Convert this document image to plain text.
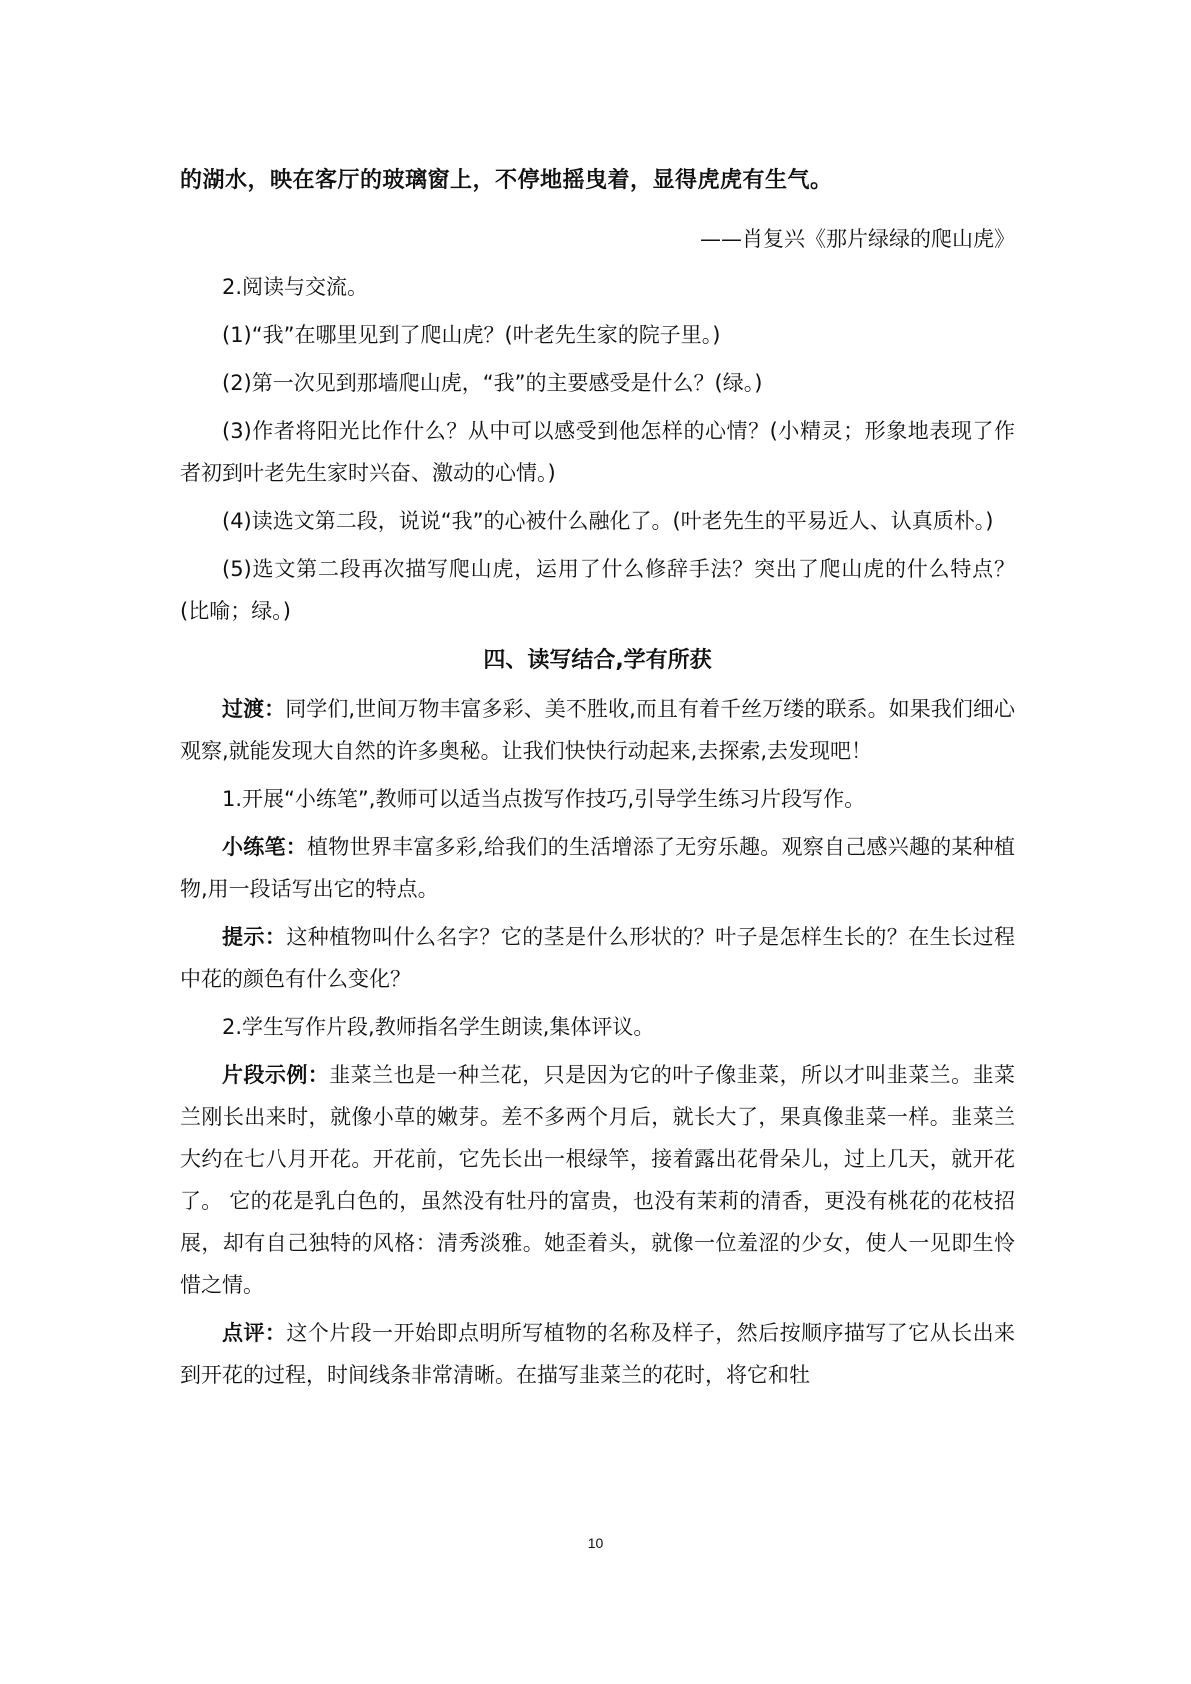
的湖水，映在客厅的玻璃窗上，不停地摇曳着，显得虎虎有生气。
——肖复兴《那片绿绿的爬山虎》

2.阅读与交流。

(1)“我”在哪里见到了爬山虎？(叶老先生家的院子里。)

(2)第一次见到那墙爬山虎，“我”的主要感受是什么？(绿。)

(3)作者将阳光比作什么？从中可以感受到他怎样的心情？(小精灵；形象地表现了作者初到叶老先生家时兴奋、激动的心情。)

(4)读选文第二段，说说“我”的心被什么融化了。(叶老先生的平易近人、认真质朴。)

(5)选文第二段再次描写爬山虎，运用了什么修辞手法？突出了爬山虎的什么特点？(比喻；绿。)

四、读写结合,学有所获

过渡：同学们,世间万物丰富多彩、美不胜收,而且有着千丝万缕的联系。如果我们细心观察,就能发现大自然的许多奥秘。让我们快快行动起来,去探索,去发现吧！

1.开展“小练笔”,教师可以适当点拨写作技巧,引导学生练习片段写作。

小练笔：植物世界丰富多彩,给我们的生活增添了无穷乐趣。观察自己感兴趣的某种植物,用一段话写出它的特点。

提示：这种植物叫什么名字？它的茎是什么形状的？叶子是怎样生长的？在生长过程中花的颜色有什么变化？

2.学生写作片段,教师指名学生朗读,集体评议。

片段示例：韭菜兰也是一种兰花，只是因为它的叶子像韭菜，所以才叫韭菜兰。韭菜兰刚长出来时，就像小草的嫩芽。差不多两个月后，就长大了，果真像韭菜一样。韭菜兰大约在七八月开花。开花前，它先长出一根绿竿，接着露出花骨朵儿，过上几天，就开花了。 它的花是乳白色的，虽然没有牡丹的富贵，也没有茉莉的清香，更没有桃花的花枝招展，却有自己独特的风格：清秀淡雅。她歪着头，就像一位羞涩的少女，使人一见即生怜惜之情。

点评：这个片段一开始即点明所写植物的名称及样子，然后按顺序描写了它从长出来到开花的过程，时间线条非常清晰。在描写韭菜兰的花时，将它和牡

10
